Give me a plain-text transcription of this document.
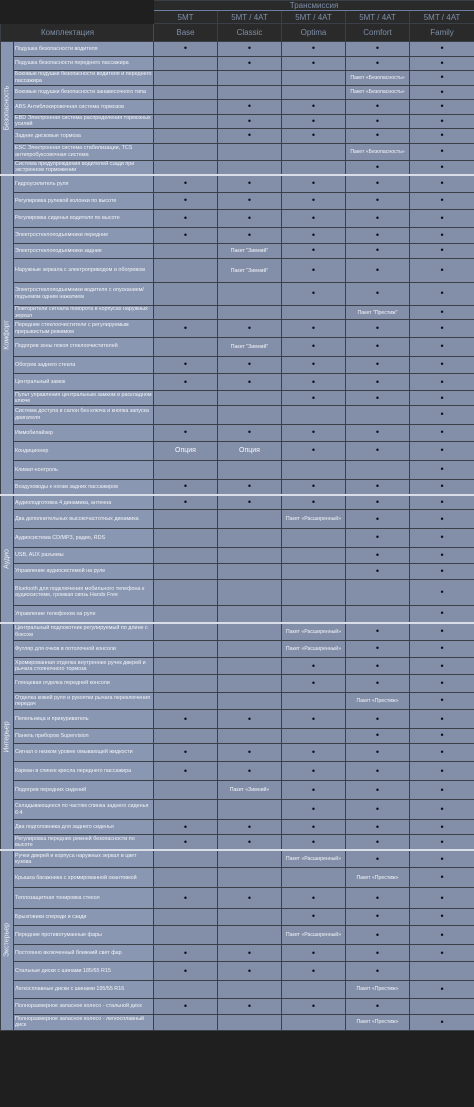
		Трансмиссия				
		5MT	5MT / 4AT	5MT / 4AT	5MT / 4AT	5MT / 4AT
Комплектация		Base	Classic	Optima	Comfort	Family

Безопасность	Подушка безопасности водителя	•	•	•	•	•
	Подушка безопасности переднего пассажира		•	•	•	•
	Боковые подушки безопасности водителя и переднего пассажира				Пакет «Безопасность»	•
	Боковые подушки безопасности занавесочного типа				Пакет «Безопасность»	•
	ABS Антиблокировочная система тормозов		•	•	•	•
	EBD Электронная система распределения тормозных усилий		•	•	•	•
	Задние дисковые тормоза		•	•	•	•
	ESC Электронная система стабилизации, TCS антипробуксовочная система				Пакет «Безопасность»	•
	Система предупреждения водителей сзади при экстренном торможении				•	•

Комфорт	Гидроусилитель руля	•	•	•	•	•
	Регулировка рулевой колонки по высоте	•	•	•	•	•
	Регулировка сиденья водителя по высоте	•	•	•	•	•
	Электростеклоподъемники передние	•	•	•	•	•
	Электростеклоподъемники задние		Пакет "Зимний"	•	•	•
	Наружные зеркала с электроприводом и обогревом		Пакет "Зимний"	•	•	•
	Электростеклоподъемники водителя с опусканием/подъемом одним нажатием			•	•	•
	Повторители сигнала поворота в корпусах наружных зеркал				Пакет "Престиж"	•
	Передние стеклоочистители с регулируемым прерывистым режимом	•	•	•	•	•
	Подогрев зоны покоя стеклоочистителей		Пакет "Зимний"	•	•	•
	Обогрев заднего стекла	•	•	•	•	•
	Центральный замок	•	•	•	•	•
	Пульт управления центральным замком в раскладном ключе			•	•	•
	Система доступа в салон без ключа и кнопка запуска двигателя					•
	Иммобилайзер	•	•	•	•	•
	Кондиционер	Опция	Опция	•	•	•
	Климат-контроль					•
	Воздуховоды к ногам задних пассажиров	•	•	•	•	•

Аудио	Аудиоподготовка 4 динамика, антенна	•	•	•	•	•
	Два дополнительных высокочастотных динамика			Пакет «Расширенный»	•	•
	Аудиосистема CD/MP3, радио, RDS				•	•
	USB, AUX разъемы				•	•
	Управление аудиосистемой на руле				•	•
	Bluetooth для подключения мобильного телефона к аудиосистеме, громкая связь Hands Free					•
	Управление телефоном на руле					•

Интерьер	Центральный подлокотник регулируемый по длине с боксом			Пакет «Расширенный»	•	•
	Футляр для очков в потолочной консоли			Пакет «Расширенный»	•	•
	Хромированная отделка внутренних ручек дверей и рычага стояночного тормоза			•	•	•
	Глянцевая отделка передней консоли			•	•	•
	Отделка кожей руля и рукоятки рычага переключения передач				Пакет «Престиж»	•
	Пепельница и прикуриватель	•	•	•	•	•
	Панель приборов Supervision				•	•
	Сигнал о низком уровне омывающей жидкости	•	•	•	•	•
	Карман в спинке кресла переднего пассажира	•	•	•	•	•
	Подогрев передних сидений		Пакет «Зимний»	•	•	•
	Складывающееся по частям спинка заднего сиденья 6:4			•	•	•
	Два подголовника для заднего сиденья	•	•	•	•	•
	Регулировка передних ремней безопасности по высоте	•	•	•	•	•

Экстерьер	Ручки дверей и корпуса наружных зеркал в цвет кузова			Пакет «Расширенный»	•	•
	Крышка багажника с хромированной окантовкой				Пакет «Престиж»	•
	Теплозащитная тонировка стекол	•	•	•	•	•
	Брызговики спереди и сзади			•	•	•
	Передние противотуманные фары			Пакет «Расширенный»	•	•
	Постоянно включенный ближний свет фар	•	•	•	•	•
	Стальные диски с шинами 185/65 R15	•	•	•	•	
	Легкосплавные диски с шинами 195/55 R16				Пакет «Престиж»	•
	Полноразмерное запасное колесо - стальной диск	•	•	•	•	
	Полноразмерное запасное колесо - легкосплавный диск				Пакет «Престиж»	•
